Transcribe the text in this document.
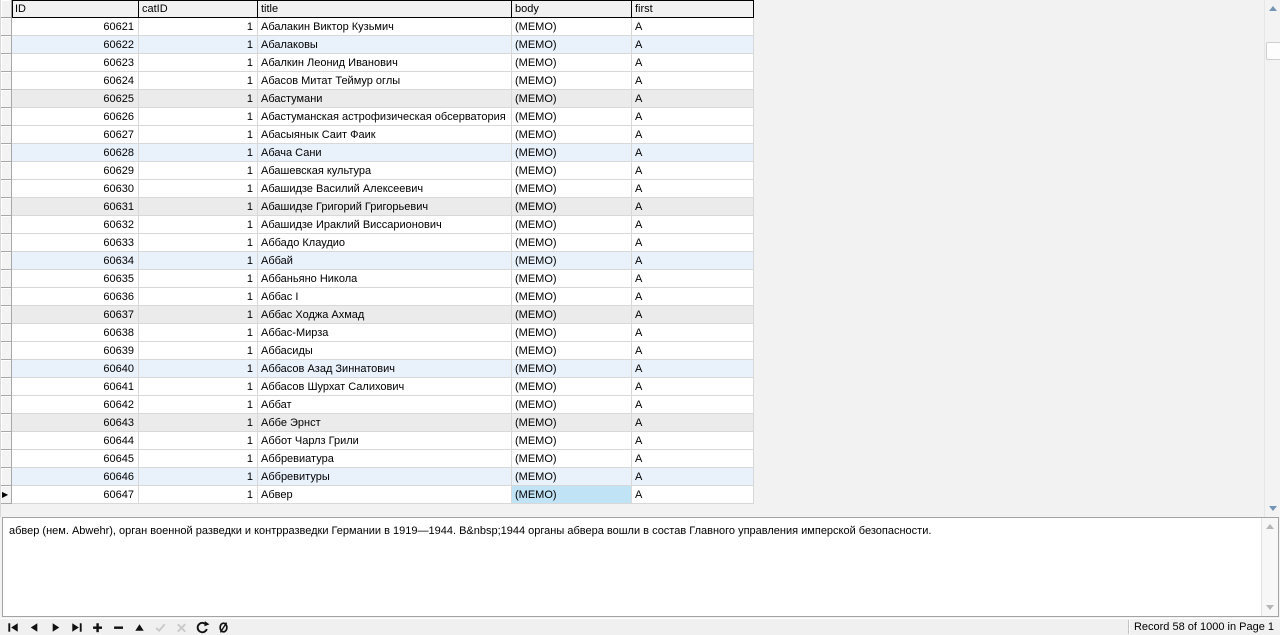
ID	catID	title	body	first
60621	1 Абалакин Виктор Кузьмич	(MEMO)	А
60622	1 Абалаковы	(MEMO)	А
60623	1 Абалкин Леонид Иванович	(MEMO)	А
60624	1 Абасов Митат Теймур оглы	(MEMO)	А
60625	1 Абастумани	(MEMO)	А
60626	1 Абастуманская астрофизическая обсерватория (MEMO)	А
60627	1 Абасыянык Саит Фаик	(MEMO)	А
60628	1 Абача Сани	(MEMO)	А
60629	1 Абашевская культура	(MEMO)	А
60630	1 Абашидзе Василий Алексеевич	(MEMO)	А
60631	1 Абашидзе Григорий Григорьевич	(MEMO)	А
60632	1 Абашидзе Ираклий Виссарионович	(MEMO)	А
60633	1 Аббадо Клаудио	(MEMO)	А
60634	1 Аббай	(MEMO)	А
60635	1 Аббаньяно Никола	(MEMO)	А
60636	1 Аббас I	(MEMO)	А
60637	1 Аббас Ходжа Ахмад	(MEMO)	А
60638	1 Аббас-Мирза	(MEMO)	А
60639	1 Аббасиды	(MEMO)	А
60640	1 Аббасов Азад Зиннатович	(MEMO)	А
60641	1 Аббасов Шурхат Салихович	(MEMO)	А
60642	1 Аббат	(MEMO)	А
60643	1 Аббе Эрнст	(MEMO)	А
60644	1 Аббот Чарлз Грили	(MEMO)	А
60645	1 Аббревиатура	(MEMO)	А
60646	1 Аббревитуры	(MEMO)	А
▶	60647	1 Абвер	(MEMO)	А
абвер (нем. Abwehr), орган военной разведки и контрразведки Германии в 1919—1944. В&nbsp;1944 органы абвера вошли в состав Главного управления имперской безопасности.
Record 58 of 1000 in Page 1
